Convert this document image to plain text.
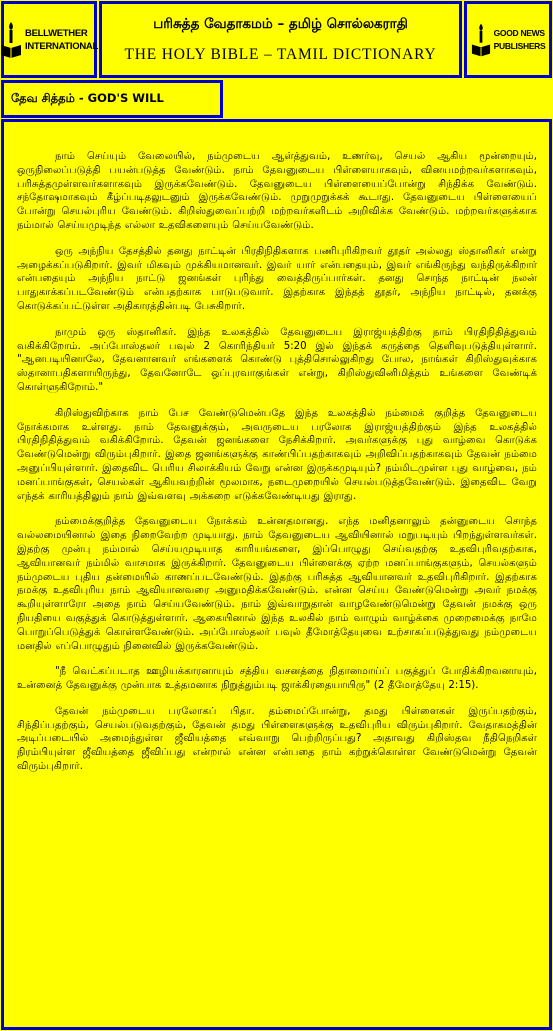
BELLWETHER
INTERNATIONAL
பரிசுத்த வேதாகமம் – தமிழ் சொல்லகராதி
THE HOLY BIBLE – TAMIL DICTIONARY
GOOD NEWS
PUBLISHERS
தேவ சித்தம் - GOD'S WILL

நாம் செய்யும் வேலையில், நம்முடைய ஆள்த்துவம், உணர்வு, செயல் ஆகிய மூன்றையும், ஒருநிலைப்படுத்தி பயன்படுத்த வேண்டும். நாம் தேவனுடைய பிள்ளையாகவும், வினயமற்றவர்களாகவும், பரிசுத்தமுள்ளவர்களாகவும் இருக்கவேண்டும். தேவனுடைய பிள்ளையைப்போன்று சிந்திக்க வேண்டும். சந்தோஷமாகவும் கீழ்ப்படிதலுடனும் இருக்கவேண்டும். முறுமுறுக்கக் கூடாது. தேவனுடைய பிள்ளையைப் போன்று செயல்புரிய வேண்டும். கிறிஸ்துவைப்பற்றி மற்றவர்களிடம் அறிவிக்க வேண்டும். மற்றவர்களுக்காக நம்மால் செய்யமுடிந்த எல்லா உதவிகளையும் செய்யவேண்டும்.

ஒரு அந்நிய தேசத்தில் தனது நாட்டின் பிரதிநிதிகளாக பணிபுரிகிறவர் தூதர் அல்லது ஸ்தானிகர் என்று அழைக்கப்படுகிறார். இவர் மிகவும் முக்கியமானவர். இவர் யார் என்பதையும், இவர் எங்கிருந்து வந்திருக்கிறார் என்பதையும் அந்நிய நாட்டு ஜனங்கள் புரிந்து வைத்திருப்பார்கள். தனது சொந்த நாட்டின் நலன் பாதுகாக்கப்படவேண்டும் என்பதற்காக பாடுபடுவார். இதற்காக இந்தத் தூதர், அந்நிய நாட்டில், தனக்கு கொடுக்கப்பட்டுள்ள அதிகாரத்தின்படி பேசுகிறார்.

நாமும் ஒரு ஸ்தானிகர். இந்த உலகத்தில் தேவனுடைய இராஜ்யத்திற்கு நாம் பிரதிநிதித்துவம் வகிக்கிறோம். அப்போஸ்தலர் பவுல் 2 கொரிந்தியர் 5:20 இல் இந்தக் கருத்தை தெளிவுபடுத்தியுள்ளார். "ஆனபடியினாலே, தேவனானவர் எங்களைக் கொண்டு புத்திசொல்லுகிறது போல, நாங்கள் கிறிஸ்துவுக்காக ஸ்தானாபதிகளாயிருந்து, தேவனோடே ஒப்புரவாகுங்கள் என்று, கிறிஸ்துவினிமித்தம் உங்களை வேண்டிக் கொள்ளுகிறோம்."

கிறிஸ்துவிற்காக நாம் பேச வேண்டுமென்பதே இந்த உலகத்தில் நம்மைக் குறித்த தேவனுடைய நோக்கமாக உள்ளது. நாம் தேவனுக்கும், அவருடைய பரலோக இராஜ்யத்திற்கும் இந்த உலகத்தில் பிரதிநிதித்துவம் வகிக்கிறோம். தேவன் ஜனங்களை நேசிக்கிறார். அவர்களுக்கு புது வாழ்வை கொடுக்க வேண்டுமென்று விரும்புகிறார். இதை ஜனங்களுக்கு காண்பிப்பதற்காகவும் அறிவிப்பதற்காகவும் தேவன் நம்மை அனுப்பியுள்ளார். இதைவிட பெரிய சிலாக்கியம் வேறு என்ன இருக்கமுடியும்? நம்மிடமுள்ள புது வாழ்வை, நம் மனப்பாங்குகள், செயல்கள் ஆகியவற்றின் மூலமாக, நடைமுறையில் செயல்படுத்தவேண்டும். இதைவிட வேறு எந்தக் காரியத்திலும் நாம் இவ்வளவு அக்கறை எடுக்கவேண்டியது இராது.

நம்மைக்குறித்த தேவனுடைய நோக்கம் உன்னதமானது. எந்த மனிதனாலும் தன்னுடைய சொந்த வல்லமையினால் இதை நிறைவேற்ற முடியாது. நாம் தேவனுடைய ஆவியினால் மறுபடியும் பிறந்துள்ளவர்கள். இதற்கு முன்பு நம்மால் செய்யமுடியாத காரியங்களை, இப்பொழுது செய்வதற்கு உதவிபுரிவதற்காக, ஆவியானவர் நம்மில் வாசமாக இருக்கிறார். தேவனுடைய பிள்ளைக்கு ஏற்ற மனப்பாங்குகளும், செயல்களும் நம்முடைய புதிய தன்மையில் காணப்படவேண்டும். இதற்கு பரிசுத்த ஆவியானவர் உதவிபுரிகிறார். இதற்காக நமக்கு உதவிபுரிய நாம் ஆவியானவரை அனுமதிக்கவேண்டும். என்ன செய்ய வேண்டுமென்று அவர் நமக்கு கூறியுள்ளாரோ அதை நாம் செய்யவேண்டும். நாம் இவ்வாறுதான் வாழவேண்டுமென்று தேவன் நமக்கு ஒரு நியதியை வகுத்துக் கொடுத்துள்ளார். ஆகையினால் இந்த உலகில் நாம் வாழும் வாழ்க்கை முறைமைக்கு நாமே பொறுப்பெடுத்துக் கொள்ளவேண்டும். அப்போஸ்தலர் பவுல் தீமோத்தேயுவை உற்சாகப்படுத்துவது நம்முடைய மனதில் எப்பொழுதும் நினைவில் இருக்கவேண்டும்.

"நீ வெட்கப்படாத ஊழியக்காரனாயும் சத்திய வசனத்தை நிதானமாய்ப் பகுத்துப் போதிக்கிறவனாயும், உன்னைத் தேவனுக்கு முன்பாக உத்தமனாக நிறுத்தும்படி ஜாக்கிரதையாயிரு" (2 தீமோத்தேயு 2:15).

தேவன் நம்முடைய பரலோகப் பிதா. தம்மைப்போன்று, தமது பிள்ளைகள் இருப்பதற்கும், சிந்திப்பதற்கும், செயல்படுவதற்கும், தேவன் தமது பிள்ளைகளுக்கு உதவிபுரிய விரும்புகிறார். வேதாகமத்தின் அடிப்படையில் அமைந்துள்ள ஜீவியத்தை எவ்வாறு பெற்றிருப்பது? அதாவது கிறிஸ்தவ நீதிநெறிகள் நிரம்பியுள்ள ஜீவியத்தை ஜீவிப்பது என்றால் என்ன என்பதை நாம் கற்றுக்கொள்ள வேண்டுமென்று தேவன் விரும்புகிறார்.
